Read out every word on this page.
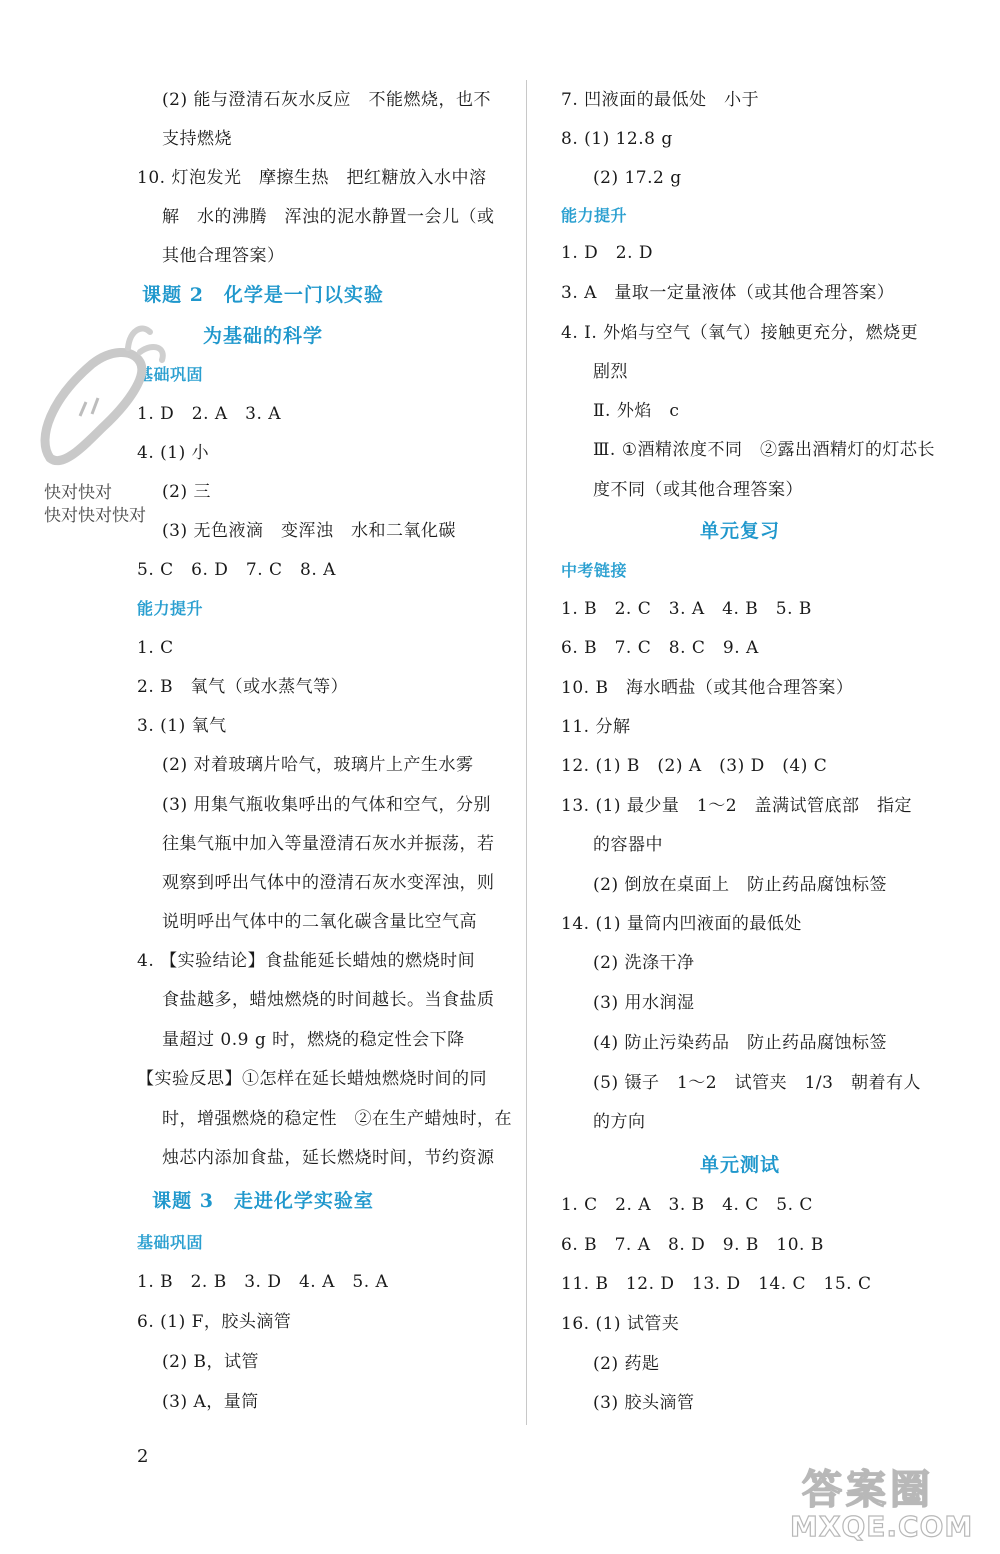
(2) 能与澄清石灰水反应　不能燃烧，也不
支持燃烧
10. 灯泡发光　摩擦生热　把红糖放入水中溶
解　水的沸腾　浑浊的泥水静置一会儿（或
其他合理答案）
课题 2　化学是一门以实验
为基础的科学
基础巩固
1. D　2. A　3. A
4. (1) 小
(2) 三
(3) 无色液滴　变浑浊　水和二氧化碳
5. C　6. D　7. C　8. A
能力提升
1. C
2. B　氧气（或水蒸气等）
3. (1) 氧气
(2) 对着玻璃片哈气，玻璃片上产生水雾
(3) 用集气瓶收集呼出的气体和空气，分别
往集气瓶中加入等量澄清石灰水并振荡，若
观察到呼出气体中的澄清石灰水变浑浊，则
说明呼出气体中的二氧化碳含量比空气高
4. 【实验结论】食盐能延长蜡烛的燃烧时间
食盐越多，蜡烛燃烧的时间越长。当食盐质
量超过 0.9 g 时，燃烧的稳定性会下降
【实验反思】①怎样在延长蜡烛燃烧时间的同
时，增强燃烧的稳定性　②在生产蜡烛时，在
烛芯内添加食盐，延长燃烧时间，节约资源
课题 3　走进化学实验室
基础巩固
1. B　2. B　3. D　4. A　5. A
6. (1) F，胶头滴管
(2) B，试管
(3) A，量筒
7. 凹液面的最低处　小于
8. (1) 12.8 g
(2) 17.2 g
能力提升
1. D　2. D
3. A　量取一定量液体（或其他合理答案）
4. Ⅰ. 外焰与空气（氧气）接触更充分，燃烧更
剧烈
Ⅱ. 外焰　c
Ⅲ. ①酒精浓度不同　②露出酒精灯的灯芯长
度不同（或其他合理答案）
单元复习
中考链接
1. B　2. C　3. A　4. B　5. B
6. B　7. C　8. C　9. A
10. B　海水晒盐（或其他合理答案）
11. 分解
12. (1) B　(2) A　(3) D　(4) C
13. (1) 最少量　1～2　盖满试管底部　指定
的容器中
(2) 倒放在桌面上　防止药品腐蚀标签
14. (1) 量筒内凹液面的最低处
(2) 洗涤干净
(3) 用水润湿
(4) 防止污染药品　防止药品腐蚀标签
(5) 镊子　1～2　试管夹　1/3　朝着有人
的方向
单元测试
1. C　2. A　3. B　4. C　5. C
6. B　7. A　8. D　9. B　10. B
11. B　12. D　13. D　14. C　15. C
16. (1) 试管夹
(2) 药匙
(3) 胶头滴管
快对快对
快对快对快对
2
答案圈
MXQE.COM
